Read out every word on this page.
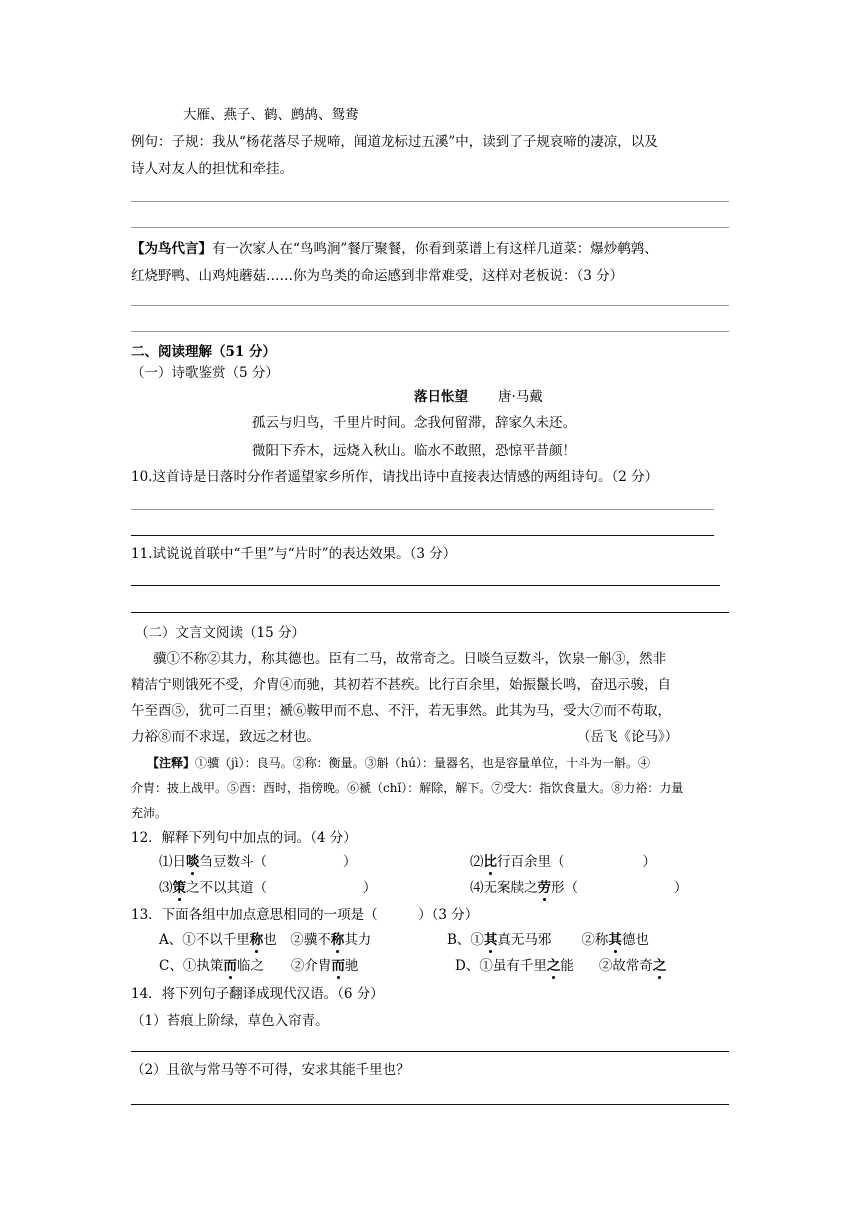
大雁、燕子、鹤、鹧鸪、鸳鸯
例句：子规：我从“杨花落尽子规啼，闻道龙标过五溪”中，读到了子规哀啼的凄凉，以及
诗人对友人的担忧和牵挂。
【为鸟代言】有一次家人在“鸟鸣涧”餐厅聚餐，你看到菜谱上有这样几道菜：爆炒鹌鹑、
红烧野鸭、山鸡炖蘑菇……你为鸟类的命运感到非常难受，这样对老板说：（3 分）
二、阅读理解（51 分）
（一）诗歌鉴赏（5 分）
落日怅望 唐·马戴
孤云与归鸟，千里片时间。念我何留滞，辞家久未还。
微阳下乔木，远烧入秋山。临水不敢照，恐惊平昔颜！
10.这首诗是日落时分作者遥望家乡所作，请找出诗中直接表达情感的两组诗句。（2 分）
11.试说说首联中“千里”与“片时”的表达效果。（3 分）
（二）文言文阅读（15 分）
骥①不称②其力，称其德也。臣有二马，故常奇之。日啖刍豆数斗，饮泉一斛③，然非
精洁宁则饿死不受，介胄④而驰，其初若不甚疾。比行百余里，始振鬣长鸣，奋迅示骏，自
午至酉⑤，犹可二百里；褫⑥鞍甲而不息、不汗，若无事然。此其为马，受大⑦而不苟取，
力裕⑧而不求逞，致远之材也。	（岳飞《论马》）
【注释】①骥（jì）：良马。②称：衡量。③斛（hú）：量器名，也是容量单位，十斗为一斛。④
介胄：披上战甲。⑤酉：酉时，指傍晚。⑥褫（chǐ）：解除，解下。⑦受大：指饮食量大。⑧力裕：力量
充沛。
12．解释下列句中加点的词。（4 分）
⑴日啖刍豆数斗（	）	⑵比行百余里（	）
⑶策之不以其道（	）	⑷无案牍之劳形（	）
13．下面各组中加点意思相同的一项是（　　　）（3 分）
A、①不以千里称也　②骥不称其力	B、①其真无马邪 ②称其德也
C、①执策而临之 ②介胄而驰	D、①虽有千里之能 ②故常奇之
14．将下列句子翻译成现代汉语。（6 分）
（1）苔痕上阶绿，草色入帘青。
（2）且欲与常马等不可得，安求其能千里也？
